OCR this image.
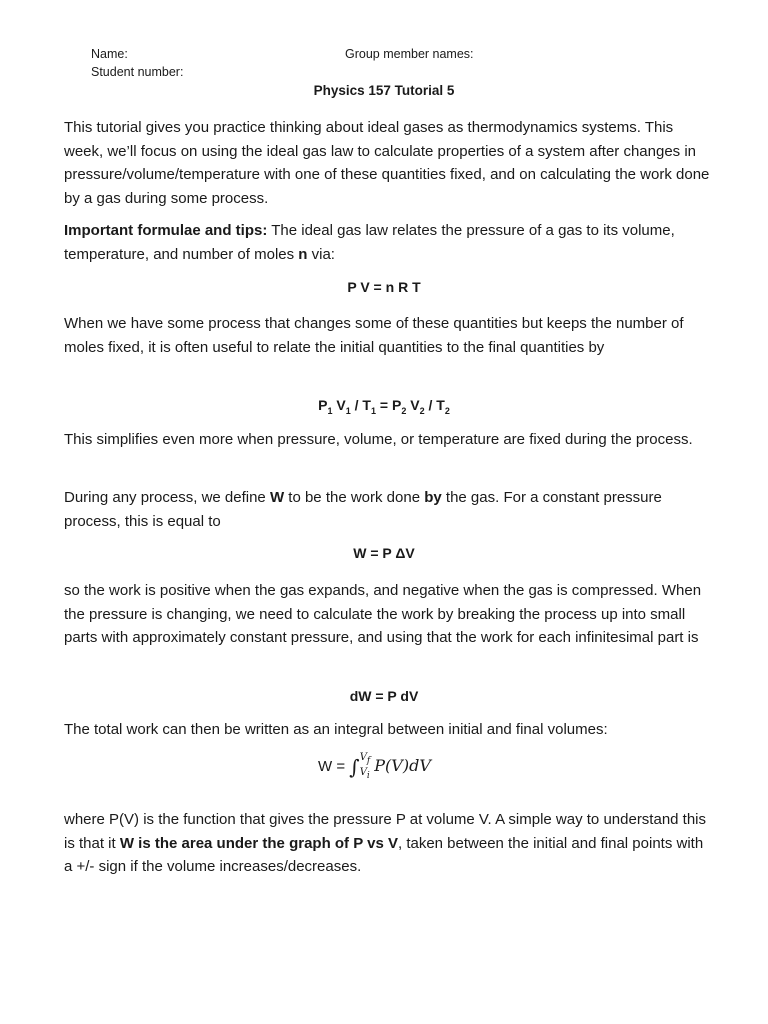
Name:
Student number:
Group member names:
Physics 157 Tutorial 5
This tutorial gives you practice thinking about ideal gases as thermodynamics systems. This week, we’ll focus on using the ideal gas law to calculate properties of a system after changes in pressure/volume/temperature with one of these quantities fixed, and on calculating the work done by a gas during some process.
Important formulae and tips: The ideal gas law relates the pressure of a gas to its volume, temperature, and number of moles n via:
P V = n R T
When we have some process that changes some of these quantities but keeps the number of moles fixed, it is often useful to relate the initial quantities to the final quantities by
$P_1$ $V_1 / T_1 = P_2$ $V_2 / T_2$
This simplifies even more when pressure, volume, or temperature are fixed during the process.
During any process, we define W to be the work done by the gas. For a constant pressure process, this is equal to
W = P ΔV
so the work is positive when the gas expands, and negative when the gas is compressed. When the pressure is changing, we need to calculate the work by breaking the process up into small parts with approximately constant pressure, and using that the work for each infinitesimal part is
dW = P dV
The total work can then be written as an integral between initial and final volumes:
$W = \int V_f$
$V_iP(V)dV$
where P(V) is the function that gives the pressure P at volume V. A simple way to understand this is that it W is the area under the graph of P vs V, taken between the initial and final points with a +/- sign if the volume increases/decreases.
